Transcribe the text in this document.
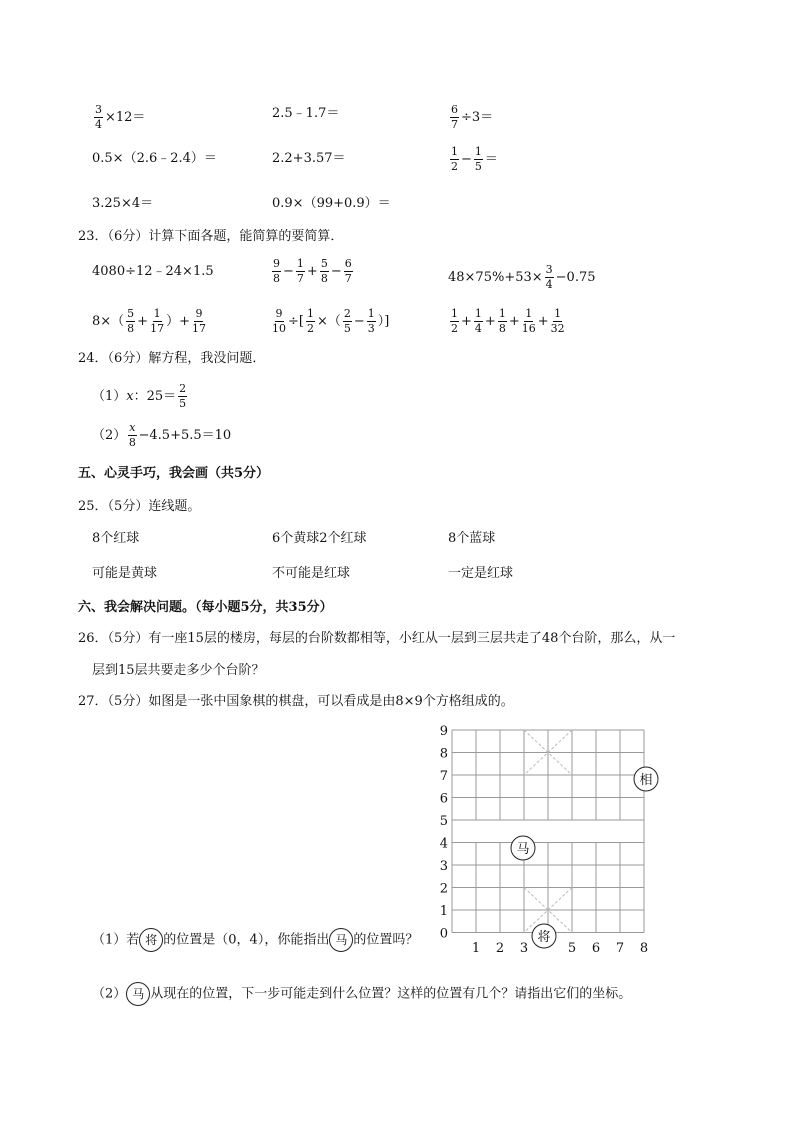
$\frac{3}{4} \times 12=$	2.5﹣1.7＝	$\frac{6}{7} \div 3=$
0.5×（2.6﹣2.4）＝	2.2+3.57＝	$\frac{1}{2} - \frac{1}{5}$ ＝
3.25×4＝	0.9×（99+0.9）＝
23．（6分）计算下面各题，能简算的要简算．
4080÷12﹣24×1.5	$\frac{9}{8} - \frac{1}{7} + \frac{5}{8} - \frac{6}{7}$	$48\times 75\%+53\times \frac{3}{4} -0.75$
$8\times( \frac{5}{8} + \frac{1}{17}$ ）+ $\frac{9}{17}$	$\frac{9}{10}$ ÷[ $\frac{1}{2}$ ×（ $\frac{2}{5} - \frac{1}{3}$ ）]	$\frac{1}{2} + \frac{1}{4} + \frac{1}{8} + \frac{1}{16} + \frac{1}{32}$
24．（6分）解方程，我没问题．
（1）x：$25= \frac{2}{5}$
$(2) \frac{x}{8} -4.5+5.5=10$
五、心灵手巧，我会画（共5分）
25．（5分）连线题。
8个红球	6个黄球2个红球	8个蓝球
可能是黄球	不可能是红球	一定是红球
六、我会解决问题。（每小题5分，共35分）
26．（5分）有一座15层的楼房，每层的台阶数都相等，小红从一层到三层共走了48个台阶，那么，从一
层到15层共要走多少个台阶？
27．（5分）如图是一张中国象棋的棋盘，可以看成是由8×9个方格组成的。
9
8
7
6
5
4
3
2
1
0
1 2 3	5 6 7 8
相
马
将
（1）若 将 的位置是（0，4），你能指出 马 的位置吗？
（2） 马 从现在的位置，下一步可能走到什么位置？这样的位置有几个？请指出它们的坐标。
